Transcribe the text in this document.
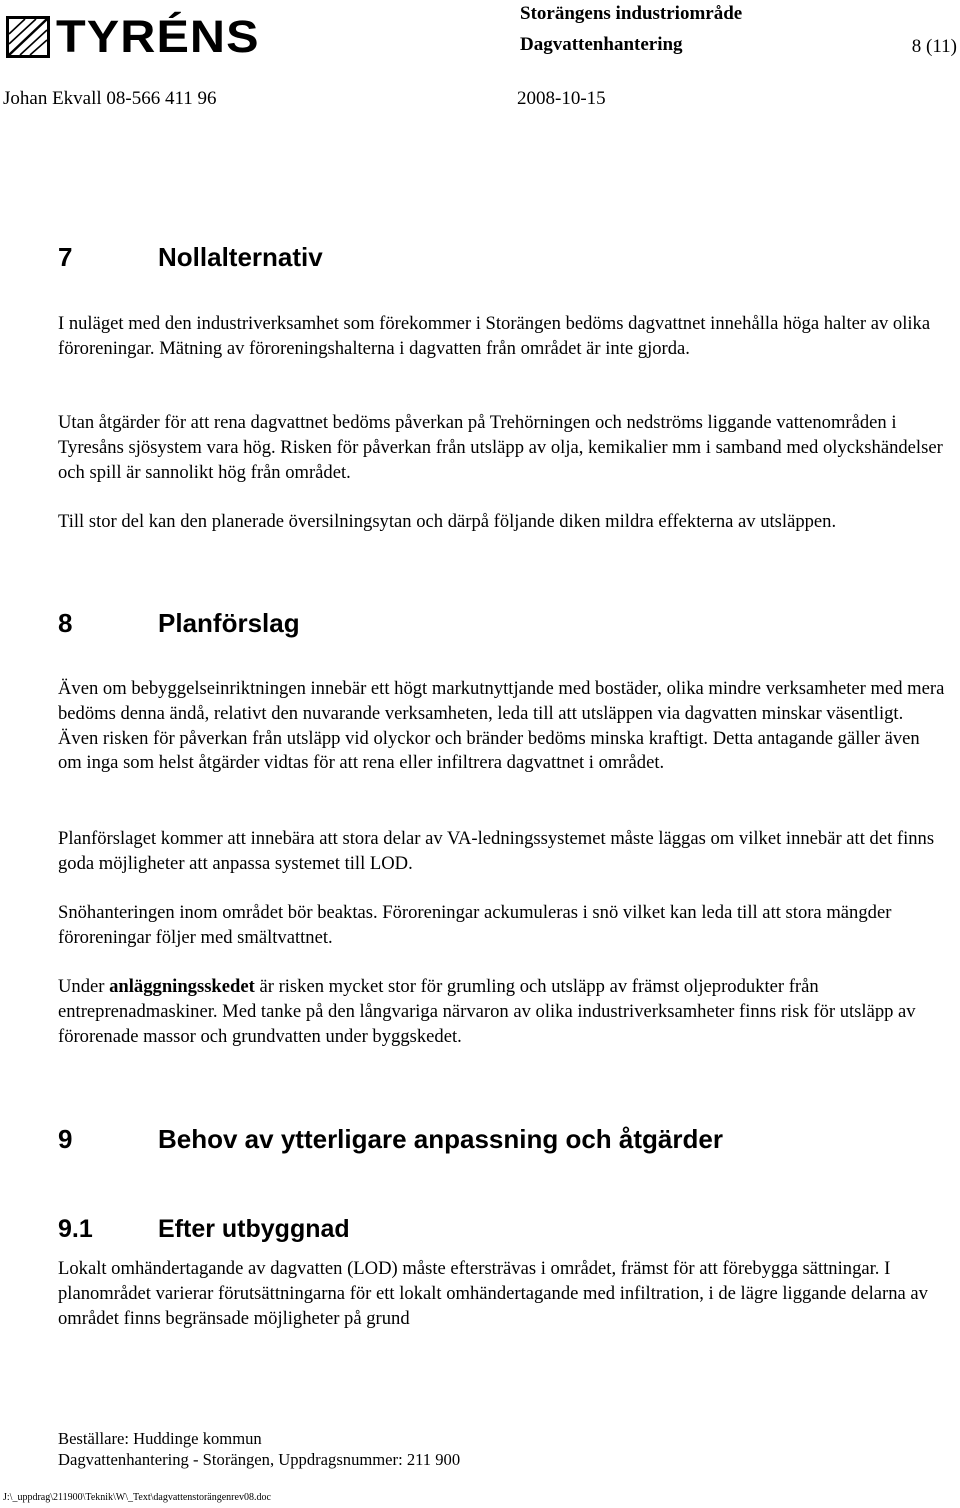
TYRÉNS	Storängens industriområde
Dagvattenhantering	8 (11)
Johan Ekvall 08-566 411 96	2008-10-15
7	Nollalternativ

I nuläget med den industriverksamhet som förekommer i Storängen bedöms dagvattnet innehålla höga halter av olika föroreningar. Mätning av föroreningshalterna i dagvatten från området är inte gjorda.

Utan åtgärder för att rena dagvattnet bedöms påverkan på Trehörningen och nedströms liggande vattenområden i Tyresåns sjösystem vara hög. Risken för påverkan från utsläpp av olja, kemikalier mm i samband med olyckshändelser och spill är sannolikt hög från området.

Till stor del kan den planerade översilningsytan och därpå följande diken mildra effekterna av utsläppen.

8	Planförslag

Även om bebyggelseinriktningen innebär ett högt markutnyttjande med bostäder, olika mindre verksamheter med mera bedöms denna ändå, relativt den nuvarande verksamheten, leda till att utsläppen via dagvatten minskar väsentligt. Även risken för påverkan från utsläpp vid olyckor och bränder bedöms minska kraftigt. Detta antagande gäller även om inga som helst åtgärder vidtas för att rena eller infiltrera dagvattnet i området.

Planförslaget kommer att innebära att stora delar av VA-ledningssystemet måste läggas om vilket innebär att det finns goda möjligheter att anpassa systemet till LOD.

Snöhanteringen inom området bör beaktas. Föroreningar ackumuleras i snö vilket kan leda till att stora mängder föroreningar följer med smältvattnet.

Under anläggningsskedet är risken mycket stor för grumling och utsläpp av främst oljeprodukter från entreprenadmaskiner. Med tanke på den långvariga närvaron av olika industriverksamheter finns risk för utsläpp av förorenade massor och grundvatten under byggskedet.

9	Behov av ytterligare anpassning och åtgärder
9.1	Efter utbyggnad

Lokalt omhändertagande av dagvatten (LOD) måste eftersträvas i området, främst för att förebygga sättningar. I planområdet varierar förutsättningarna för ett lokalt omhändertagande med infiltration, i de lägre liggande delarna av området finns begränsade möjligheter på grund

Beställare: Huddinge kommun
Dagvattenhantering - Storängen, Uppdragsnummer: 211 900
J:\_uppdrag\211900\Teknik\W\_Text\dagvattenstorängenrev08.doc
